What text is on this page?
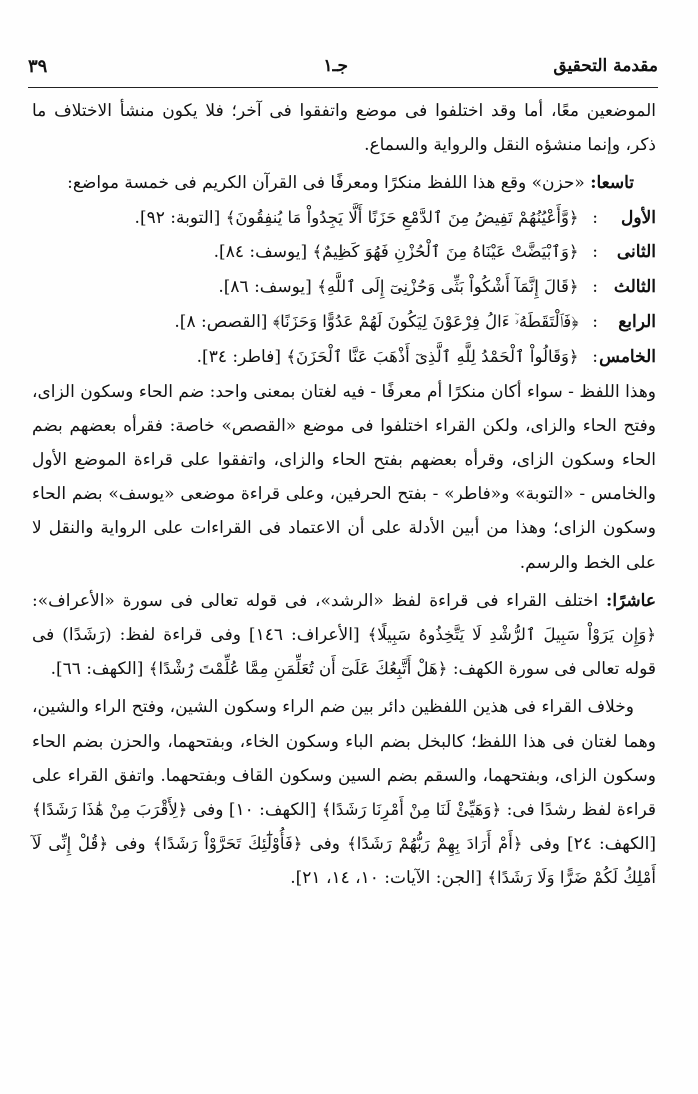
مقدمة التحقيق
جـ١
٣٩

الموضعين معًا، أما وقد اختلفوا فى موضع واتفقوا فى آخر؛ فلا يكون منشأ الاختلاف ما ذكر، وإنما منشؤه النقل والرواية والسماع.

تاسعا: «حزن» وقع هذا اللفظ منكرًا ومعرفًا فى القرآن الكريم فى خمسة مواضع:

الأول: ﴿وَّأَعْيُنُهُمْ تَفِيضُ مِنَ ٱلدَّمْعِ حَزَنًا أَلَّا يَجِدُواْ مَا يُنفِقُونَ﴾ [التوبة: ٩٢].
الثانى: ﴿وَٱبْيَضَّتْ عَيْنَاهُ مِنَ ٱلْحُزْنِ فَهُوَ كَظِيمٌ﴾ [يوسف: ٨٤].
الثالث: ﴿قَالَ إِنَّمَآ أَشْكُواْ بَثِّى وَحُزْنِىٓ إِلَى ٱللَّهِ﴾ [يوسف: ٨٦].
الرابع: ﴿فَٱلْتَقَطَهُۥٓ ءَالُ فِرْعَوْنَ لِيَكُونَ لَهُمْ عَدُوًّا وَحَزَنًا﴾ [القصص: ٨].
الخامس: ﴿وَقَالُواْ ٱلْحَمْدُ لِلَّهِ ٱلَّذِىٓ أَذْهَبَ عَنَّا ٱلْحَزَنَ﴾ [فاطر: ٣٤].

وهذا اللفظ - سواء أكان منكرًا أم معرفًا - فيه لغتان بمعنى واحد: ضم الحاء وسكون الزاى، وفتح الحاء والزاى، ولكن القراء اختلفوا فى موضع «القصص» خاصة: فقرأه بعضهم بضم الحاء وسكون الزاى، وقرأه بعضهم بفتح الحاء والزاى، واتفقوا على قراءة الموضع الأول والخامس - «التوبة» و«فاطر» - بفتح الحرفين، وعلى قراءة موضعى «يوسف» بضم الحاء وسكون الزاى؛ وهذا من أبين الأدلة على أن الاعتماد فى القراءات على الرواية والنقل لا على الخط والرسم.

عاشرًا: اختلف القراء فى قراءة لفظ «الرشد»، فى قوله تعالى فى سورة «الأعراف»: ﴿وَإِن يَرَوْاْ سَبِيلَ ٱلرُّشْدِ لَا يَتَّخِذُوهُ سَبِيلًا﴾ [الأعراف: ١٤٦] وفى قراءة لفظ: (رَشَدًا) فى قوله تعالى فى سورة الكهف: ﴿هَلْ أَتَّبِعُكَ عَلَىٓ أَن تُعَلِّمَنِ مِمَّا عُلِّمْتَ رُشْدًا﴾ [الكهف: ٦٦].

وخلاف القراء فى هذين اللفظين دائر بين ضم الراء وسكون الشين، وفتح الراء والشين، وهما لغتان فى هذا اللفظ؛ كالبخل بضم الباء وسكون الخاء، وبفتحهما، والحزن بضم الحاء وسكون الزاى، وبفتحهما، والسقم بضم السين وسكون القاف وبفتحهما. واتفق القراء على قراءة لفظ رشدًا فى: ﴿وَهَيِّئْ لَنَا مِنْ أَمْرِنَا رَشَدًا﴾ [الكهف: ١٠] وفى ﴿لِأَقْرَبَ مِنْ هَٰذَا رَشَدًا﴾ [الكهف: ٢٤] وفى ﴿أَمْ أَرَادَ بِهِمْ رَبُّهُمْ رَشَدًا﴾ وفى ﴿فَأُوْلَٰٓئِكَ تَحَرَّوْاْ رَشَدًا﴾ وفى ﴿قُلْ إِنِّى لَآ أَمْلِكُ لَكُمْ ضَرًّا وَلَا رَشَدًا﴾ [الجن: الآيات: ١٠، ١٤، ٢١].
